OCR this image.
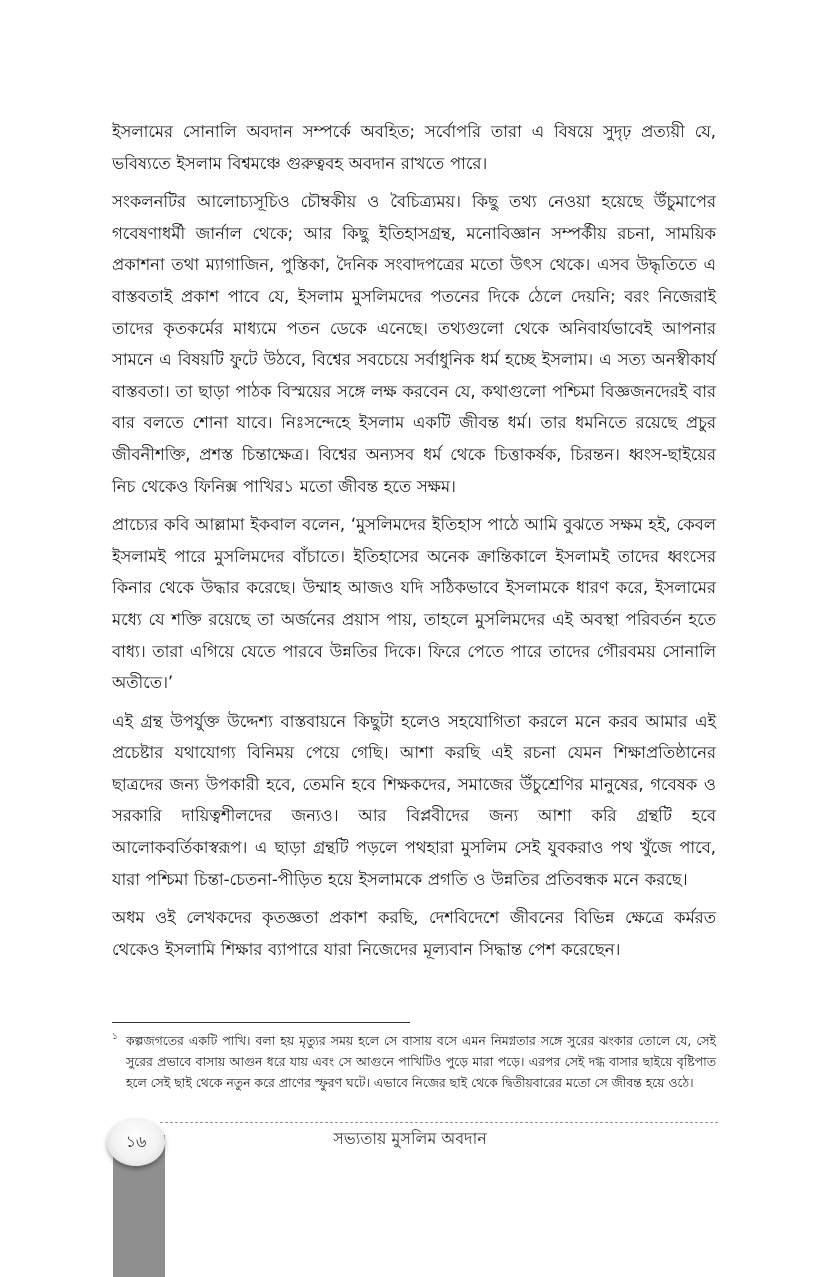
ইসলামের সোনালি অবদান সম্পর্কে অবহিত; সর্বোপরি তারা এ বিষয়ে সুদৃঢ় প্রত্যয়ী যে, ভবিষ্যতে ইসলাম বিশ্বমঞ্চে গুরুত্ববহ অবদান রাখতে পারে।

সংকলনটির আলোচ্যসূচিও চৌম্বকীয় ও বৈচিত্র্যময়। কিছু তথ্য নেওয়া হয়েছে উঁচুমাপের গবেষণাধর্মী জার্নাল থেকে; আর কিছু ইতিহাসগ্রন্থ, মনোবিজ্ঞান সম্পর্কীয় রচনা, সাময়িক প্রকাশনা তথা ম্যাগাজিন, পুস্তিকা, দৈনিক সংবাদপত্রের মতো উৎস থেকে। এসব উদ্ধৃতিতে এ বাস্তবতাই প্রকাশ পাবে যে, ইসলাম মুসলিমদের পতনের দিকে ঠেলে দেয়নি; বরং নিজেরাই তাদের কৃতকর্মের মাধ্যমে পতন ডেকে এনেছে। তথ্যগুলো থেকে অনিবার্যভাবেই আপনার সামনে এ বিষয়টি ফুটে উঠবে, বিশ্বের সবচেয়ে সর্বাধুনিক ধর্ম হচ্ছে ইসলাম। এ সত্য অনস্বীকার্য বাস্তবতা। তা ছাড়া পাঠক বিস্ময়ের সঙ্গে লক্ষ করবেন যে, কথাগুলো পশ্চিমা বিজ্ঞজনদেরই বার বার বলতে শোনা যাবে। নিঃসন্দেহে ইসলাম একটি জীবন্ত ধর্ম। তার ধমনিতে রয়েছে প্রচুর জীবনীশক্তি, প্রশস্ত চিন্তাক্ষেত্র। বিশ্বের অন্যসব ধর্ম থেকে চিত্তাকর্ষক, চিরন্তন। ধ্বংস-ছাইয়ের নিচ থেকেও ফিনিক্স পাখির১ মতো জীবন্ত হতে সক্ষম।

প্রাচ্যের কবি আল্লামা ইকবাল বলেন, ‘মুসলিমদের ইতিহাস পাঠে আমি বুঝতে সক্ষম হই, কেবল ইসলামই পারে মুসলিমদের বাঁচাতে। ইতিহাসের অনেক ক্রান্তিকালে ইসলামই তাদের ধ্বংসের কিনার থেকে উদ্ধার করেছে। উম্মাহ আজও যদি সঠিকভাবে ইসলামকে ধারণ করে, ইসলামের মধ্যে যে শক্তি রয়েছে তা অর্জনের প্রয়াস পায়, তাহলে মুসলিমদের এই অবস্থা পরিবর্তন হতে বাধ্য। তারা এগিয়ে যেতে পারবে উন্নতির দিকে। ফিরে পেতে পারে তাদের গৌরবময় সোনালি অতীতে।’

এই গ্রন্থ উপর্যুক্ত উদ্দেশ্য বাস্তবায়নে কিছুটা হলেও সহযোগিতা করলে মনে করব আমার এই প্রচেষ্টার যথাযোগ্য বিনিময় পেয়ে গেছি। আশা করছি এই রচনা যেমন শিক্ষাপ্রতিষ্ঠানের ছাত্রদের জন্য উপকারী হবে, তেমনি হবে শিক্ষকদের, সমাজের উঁচুশ্রেণির মানুষের, গবেষক ও সরকারি দায়িত্বশীলদের জন্যও। আর বিপ্লবীদের জন্য আশা করি গ্রন্থটি হবে আলোকবর্তিকাস্বরূপ। এ ছাড়া গ্রন্থটি পড়লে পথহারা মুসলিম সেই যুবকরাও পথ খুঁজে পাবে, যারা পশ্চিমা চিন্তা-চেতনা-পীড়িত হয়ে ইসলামকে প্রগতি ও উন্নতির প্রতিবন্ধক মনে করছে।

অধম ওই লেখকদের কৃতজ্ঞতা প্রকাশ করছি, দেশবিদেশে জীবনের বিভিন্ন ক্ষেত্রে কর্মরত থেকেও ইসলামি শিক্ষার ব্যাপারে যারা নিজেদের মূল্যবান সিদ্ধান্ত পেশ করেছেন।

১ কল্পজগতের একটি পাখি। বলা হয় মৃত্যুর সময় হলে সে বাসায় বসে এমন নিমগ্নতার সঙ্গে সুরের ঝংকার তোলে যে, সেই সুরের প্রভাবে বাসায় আগুন ধরে যায় এবং সে আগুনে পাখিটিও পুড়ে মারা পড়ে। এরপর সেই দগ্ধ বাসার ছাইয়ে বৃষ্টিপাত হলে সেই ছাই থেকে নতুন করে প্রাণের স্ফুরণ ঘটে। এভাবে নিজের ছাই থেকে দ্বিতীয়বারের মতো সে জীবন্ত হয়ে ওঠে।

১৬	সভ্যতায় মুসলিম অবদান
